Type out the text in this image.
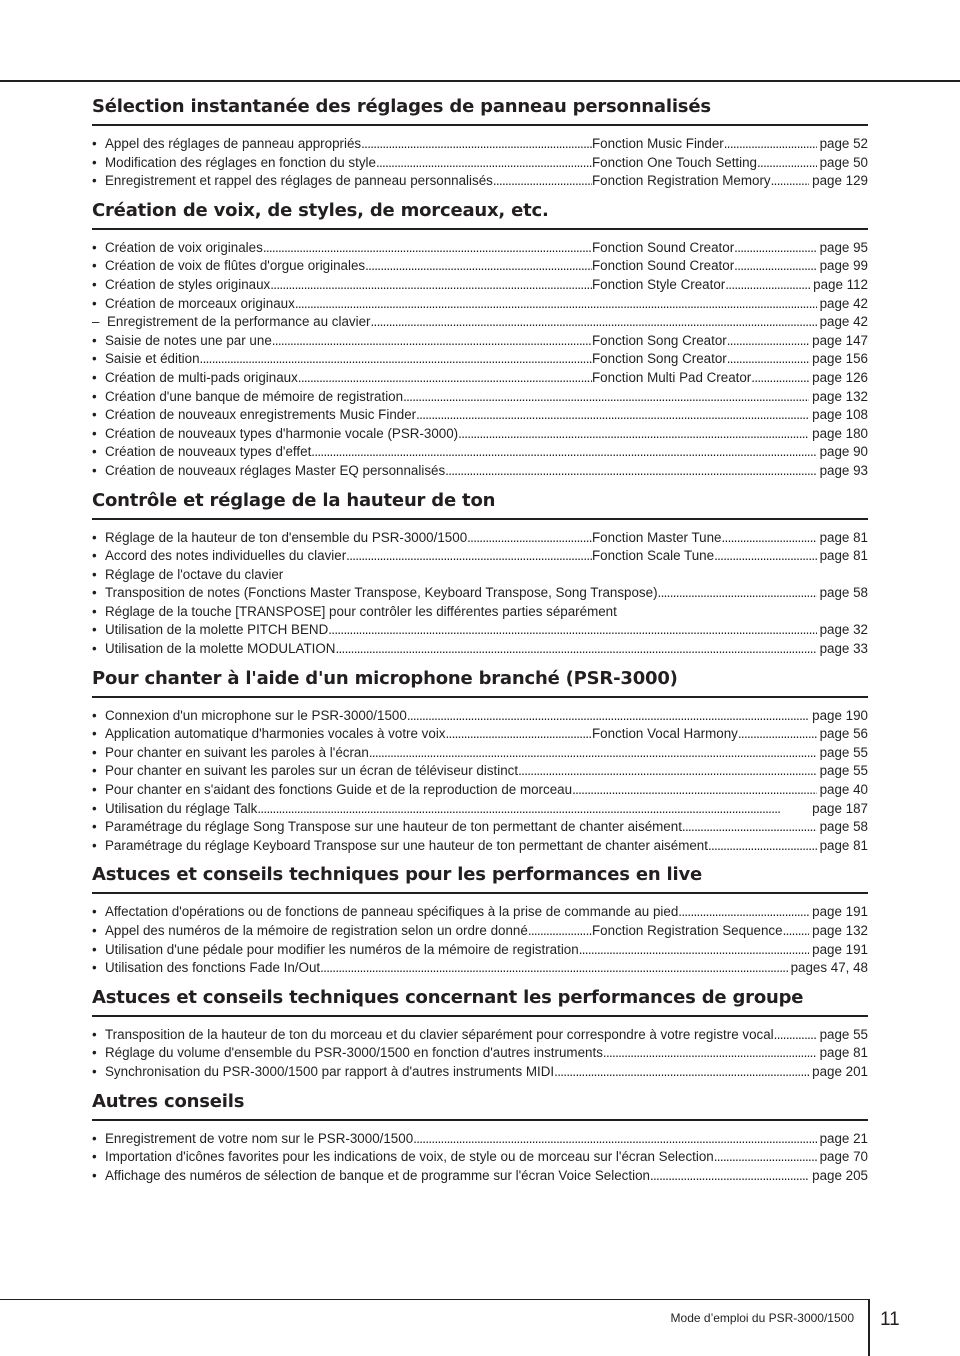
Sélection instantanée des réglages de panneau personnalisés
• Appel des réglages de panneau appropriés . . .	Fonction Music Finder . . .	page 52
• Modification des réglages en fonction du style . . .	Fonction One Touch Setting . . .	page 50
• Enregistrement et rappel des réglages de panneau personnalisés . . .	Fonction Registration Memory . . .	page 129
Création de voix, de styles, de morceaux, etc.
• Création de voix originales . . .	Fonction Sound Creator . . .	page 95
• Création de voix de flûtes d'orgue originales . . .	Fonction Sound Creator . . .	page 99
• Création de styles originaux . . .	Fonction Style Creator . . .	page 112
• Création de morceaux originaux . . .	page 42
– Enregistrement de la performance au clavier . . .	page 42
• Saisie de notes une par une . . .	Fonction Song Creator . . .	page 147
• Saisie et édition . . .	Fonction Song Creator . . .	page 156
• Création de multi-pads originaux . . .	Fonction Multi Pad Creator . . .	page 126
• Création d'une banque de mémoire de registration . . .	page 132
• Création de nouveaux enregistrements Music Finder . . .	page 108
• Création de nouveaux types d'harmonie vocale (PSR-3000) . . .	page 180
• Création de nouveaux types d'effet . . .	page 90
• Création de nouveaux réglages Master EQ personnalisés . . .	page 93
Contrôle et réglage de la hauteur de ton
• Réglage de la hauteur de ton d'ensemble du PSR-3000/1500 . . .	Fonction Master Tune . . .	page 81
• Accord des notes individuelles du clavier . . .	Fonction Scale Tune . . .	page 81
• Réglage de l'octave du clavier
• Transposition de notes (Fonctions Master Transpose, Keyboard Transpose, Song Transpose) . . .	page 58
• Réglage de la touche [TRANSPOSE] pour contrôler les différentes parties séparément
• Utilisation de la molette PITCH BEND . . .	page 32
• Utilisation de la molette MODULATION . . .	page 33
Pour chanter à l'aide d'un microphone branché (PSR-3000)
• Connexion d'un microphone sur le PSR-3000/1500 . . .	page 190
• Application automatique d'harmonies vocales à votre voix . . .	Fonction Vocal Harmony . . .	page 56
• Pour chanter en suivant les paroles à l'écran . . .	page 55
• Pour chanter en suivant les paroles sur un écran de téléviseur distinct . . .	page 55
• Pour chanter en s'aidant des fonctions Guide et de la reproduction de morceau . . .	page 40
• Utilisation du réglage Talk . . .	page 187
• Paramétrage du réglage Song Transpose sur une hauteur de ton permettant de chanter aisément . . .	page 58
• Paramétrage du réglage Keyboard Transpose sur une hauteur de ton permettant de chanter aisément . . .	page 81
Astuces et conseils techniques pour les performances en live
• Affectation d'opérations ou de fonctions de panneau spécifiques à la prise de commande au pied . . .	page 191
• Appel des numéros de la mémoire de registration selon un ordre donné . . .	Fonction Registration Sequence . . . page 132
• Utilisation d'une pédale pour modifier les numéros de la mémoire de registration . . .	page 191
• Utilisation des fonctions Fade In/Out . . .	pages 47, 48
Astuces et conseils techniques concernant les performances de groupe
• Transposition de la hauteur de ton du morceau et du clavier séparément pour correspondre à votre registre vocal . . .	page 55
• Réglage du volume d'ensemble du PSR-3000/1500 en fonction d'autres instruments . . .	page 81
• Synchronisation du PSR-3000/1500 par rapport à d'autres instruments MIDI . . .	page 201
Autres conseils
• Enregistrement de votre nom sur le PSR-3000/1500 . . .	page 21
• Importation d'icônes favorites pour les indications de voix, de style ou de morceau sur l'écran Selection . . .	page 70
• Affichage des numéros de sélection de banque et de programme sur l'écran Voice Selection . . .	page 205
Mode d’emploi du PSR-3000/1500 11
